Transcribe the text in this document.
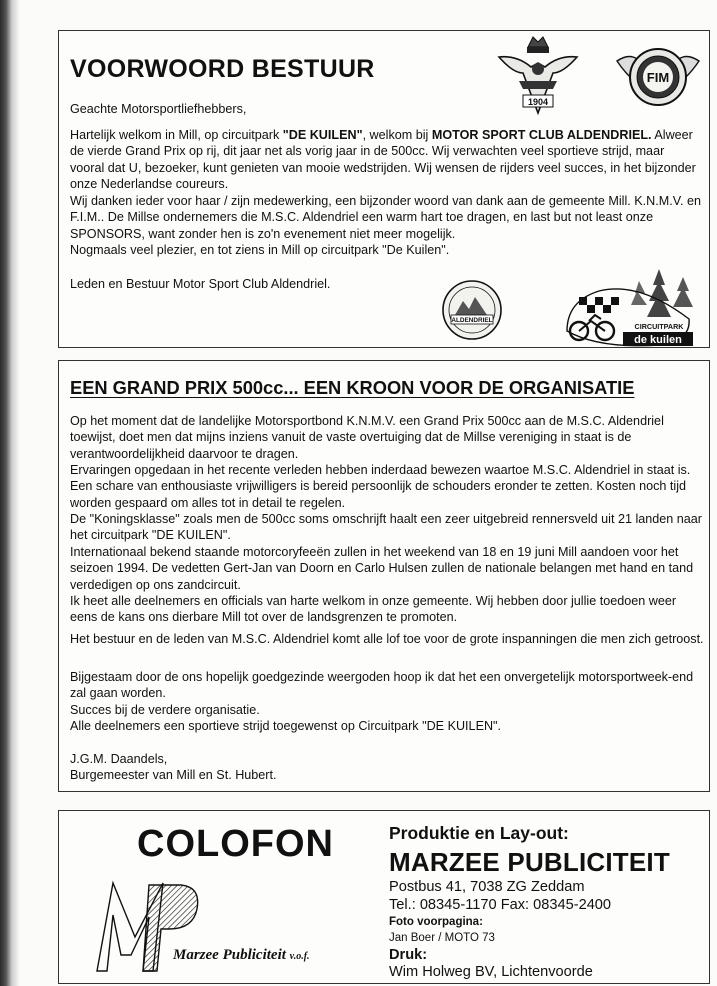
VOORWOORD BESTUUR
1904
FIM

Geachte Motorsportliefhebbers,

Hartelijk welkom in Mill, op circuitpark "DE KUILEN", welkom bij MOTOR SPORT CLUB ALDENDRIEL. Alweer de vierde Grand Prix op rij, dit jaar net als vorig jaar in de 500cc. Wij verwachten veel sportieve strijd, maar vooral dat U, bezoeker, kunt genieten van mooie wedstrijden. Wij wensen de rijders veel succes, in het bijzonder onze Nederlandse coureurs.

Wij danken ieder voor haar / zijn medewerking, een bijzonder woord van dank aan de gemeente Mill. K.N.M.V. en F.I.M.. De Millse ondernemers die M.S.C. Aldendriel een warm hart toe dragen, en last but not least onze SPONSORS, want zonder hen is zo'n evenement niet meer mogelijk.

Nogmaals veel plezier, en tot ziens in Mill op circuitpark "De Kuilen".

Leden en Bestuur Motor Sport Club Aldendriel.

ALDENDRIEL
CIRCUITPARK
de kuilen
EEN GRAND PRIX 500cc... EEN KROON VOOR DE ORGANISATIE

Op het moment dat de landelijke Motorsportbond K.N.M.V. een Grand Prix 500cc aan de M.S.C. Aldendriel toewijst, doet men dat mijns inziens vanuit de vaste overtuiging dat de Millse vereniging in staat is de verantwoordelijkheid daarvoor te dragen.

Ervaringen opgedaan in het recente verleden hebben inderdaad bewezen waartoe M.S.C. Aldendriel in staat is. Een schare van enthousiaste vrijwilligers is bereid persoonlijk de schouders eronder te zetten. Kosten noch tijd worden gespaard om alles tot in detail te regelen.

De "Koningsklasse" zoals men de 500cc soms omschrijft haalt een zeer uitgebreid rennersveld uit 21 landen naar het circuitpark "DE KUILEN".

Internationaal bekend staande motorcoryfeeën zullen in het weekend van 18 en 19 juni Mill aandoen voor het seizoen 1994. De vedetten Gert-Jan van Doorn en Carlo Hulsen zullen de nationale belangen met hand en tand verdedigen op ons zandcircuit.

Ik heet alle deelnemers en officials van harte welkom in onze gemeente. Wij hebben door jullie toedoen weer eens de kans ons dierbare Mill tot over de landsgrenzen te promoten.

Het bestuur en de leden van M.S.C. Aldendriel komt alle lof toe voor de grote inspanningen die men zich getroost.

Bijgestaam door de ons hopelijk goedgezinde weergoden hoop ik dat het een onvergetelijk motorsportweek-end zal gaan worden.

Succes bij de verdere organisatie.

Alle deelnemers een sportieve strijd toegewenst op Circuitpark "DE KUILEN".

J.G.M. Daandels,

Burgemeester van Mill en St. Hubert.

COLOFON
MP

Marzee Publiciteit v.o.f.

Produktie en Lay-out:

MARZEE PUBLICITEIT

Postbus 41, 7038 ZG Zeddam

Tel.: 08345-1170 Fax: 08345-2400

Foto voorpagina:

Jan Boer / MOTO 73

Druk:

Wim Holweg BV, Lichtenvoorde
